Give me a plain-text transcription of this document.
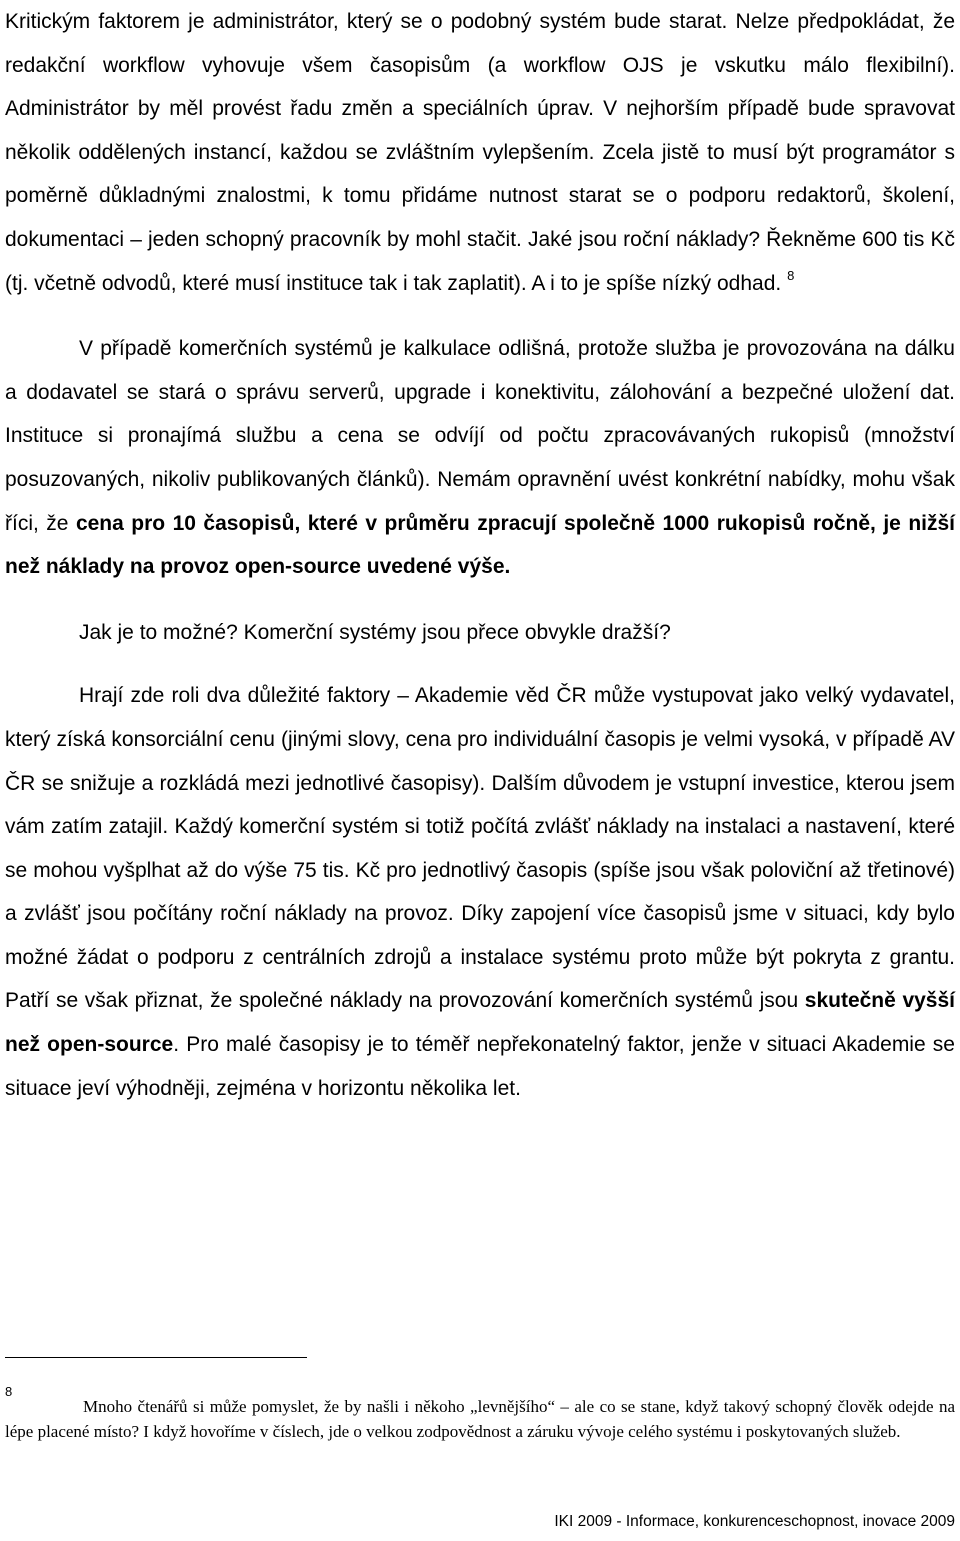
Kritickým faktorem je administrátor, který se o podobný systém bude starat. Nelze předpokládat, že redakční workflow vyhovuje všem časopisům (a workflow OJS je vskutku málo flexibilní). Administrátor by měl provést řadu změn a speciálních úprav. V nejhorším případě bude spravovat několik oddělených instancí, každou se zvláštním vylepšením. Zcela jistě to musí být programátor s poměrně důkladnými znalostmi, k tomu přidáme nutnost starat se o podporu redaktorů, školení, dokumentaci – jeden schopný pracovník by mohl stačit. Jaké jsou roční náklady? Řekněme 600 tis Kč (tj. včetně odvodů, které musí instituce tak i tak zaplatit). A i to je spíše nízký odhad. $^8$

V případě komerčních systémů je kalkulace odlišná, protože služba je provozována na dálku a dodavatel se stará o správu serverů, upgrade i konektivitu, zálohování a bezpečné uložení dat. Instituce si pronajímá službu a cena se odvíjí od počtu zpracovávaných rukopisů (množství posuzovaných, nikoliv publikovaných článků). Nemám opravnění uvést konkrétní nabídky, mohu však říci, že cena pro 10 časopisů, které v průměru zpracují společně 1000 rukopisů ročně, je nižší než náklady na provoz open-source uvedené výše.

Jak je to možné? Komerční systémy jsou přece obvykle dražší?

Hrají zde roli dva důležité faktory – Akademie věd ČR může vystupovat jako velký vydavatel, který získá konsorciální cenu (jinými slovy, cena pro individuální časopis je velmi vysoká, v případě AV ČR se snižuje a rozkládá mezi jednotlivé časopisy). Dalším důvodem je vstupní investice, kterou jsem vám zatím zatajil. Každý komerční systém si totiž počítá zvlášť náklady na instalaci a nastavení, které se mohou vyšplhat až do výše 75 tis. Kč pro jednotlivý časopis (spíše jsou však poloviční až třetinové) a zvlášť jsou počítány roční náklady na provoz. Díky zapojení více časopisů jsme v situaci, kdy bylo možné žádat o podporu z centrálních zdrojů a instalace systému proto může být pokryta z grantu. Patří se však přiznat, že společné náklady na provozování komerčních systémů jsou skutečně vyšší než open-source. Pro malé časopisy je to téměř nepřekonatelný faktor, jenže v situaci Akademie se situace jeví výhodněji, zejména v horizontu několika let.

8

Mnoho čtenářů si může pomyslet, že by našli i někoho „levnějšího“ – ale co se stane, když takový schopný člověk odejde na lépe placené místo? I když hovoříme v číslech, jde o velkou zodpovědnost a záruku vývoje celého systému i poskytovaných služeb.

IKI 2009 - Informace, konkurenceschopnost, inovace 2009
